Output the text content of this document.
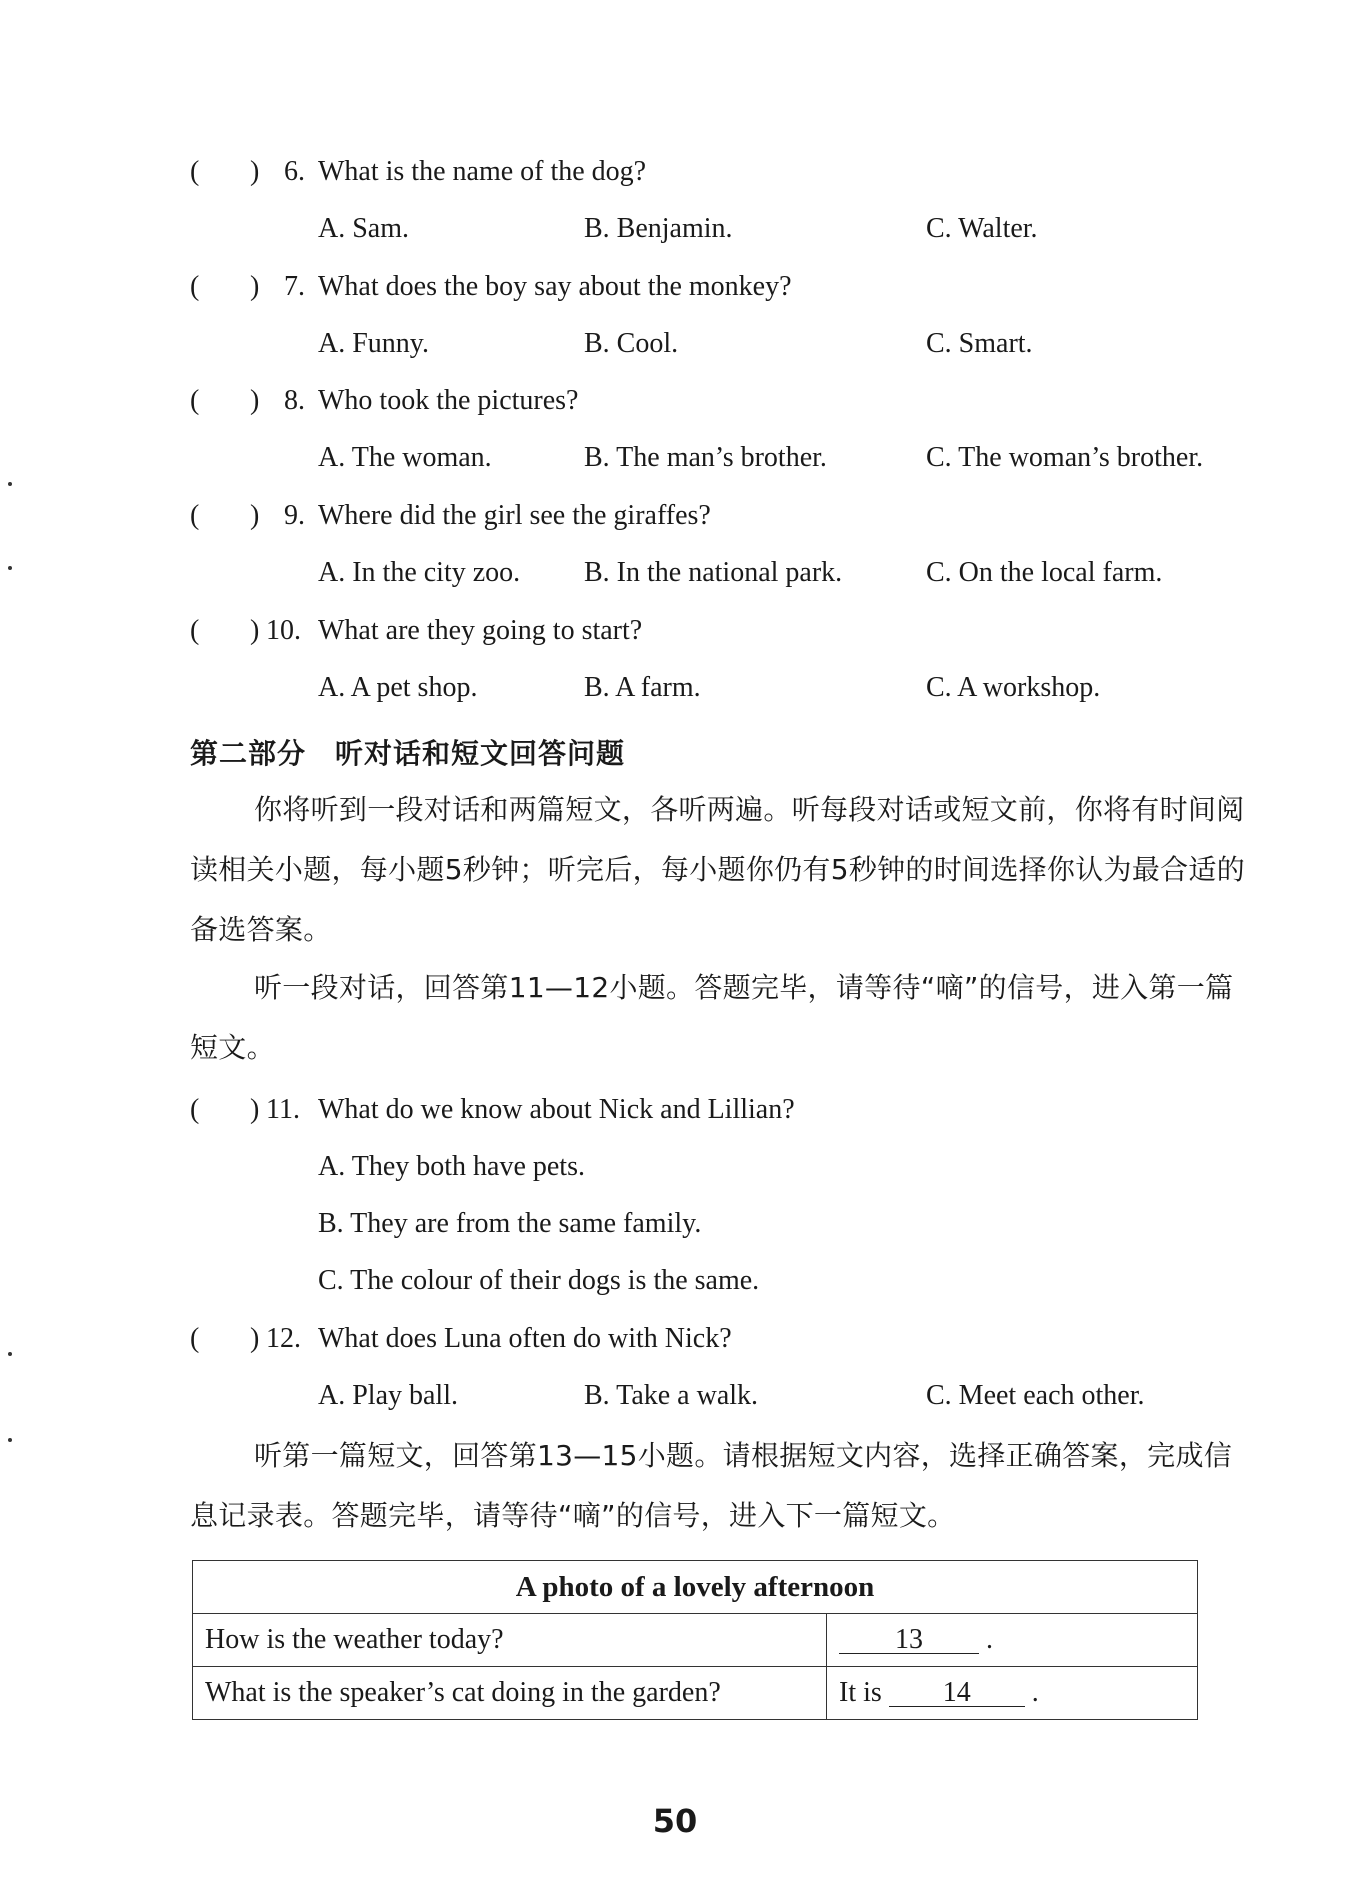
( ) 6. What is the name of the dog?
A. Sam.	B. Benjamin.	C. Walter.
( ) 7. What does the boy say about the monkey?
A. Funny.	B. Cool.	C. Smart.
( ) 8. Who took the pictures?
A. The woman.	B. The man’s brother.	C. The woman’s brother.
( ) 9. Where did the girl see the giraffes?
A. In the city zoo. B. In the national park.	C. On the local farm.
( ) 10. What are they going to start?
A. A pet shop.	B. A farm.	C. A workshop.
第二部分　听对话和短文回答问题
你将听到一段对话和两篇短文，各听两遍。听每段对话或短文前，你将有时间阅读相关小题，每小题5秒钟；听完后，每小题你仍有5秒钟的时间选择你认为最合适的备选答案。
听一段对话，回答第11—12小题。答题完毕，请等待“嘀”的信号，进入第一篇短文。
( ) 11. What do we know about Nick and Lillian?
A. They both have pets.
B. They are from the same family.
C. The colour of their dogs is the same.
( ) 12. What does Luna often do with Nick?
A. Play ball.	B. Take a walk.	C. Meet each other.
听第一篇短文，回答第13—15小题。请根据短文内容，选择正确答案，完成信息记录表。答题完毕，请等待“嘀”的信号，进入下一篇短文。
A photo of a lovely afternoon	
How is the weather today?	13 .
What is the speaker’s cat doing in the garden?	It is 14 .
50
